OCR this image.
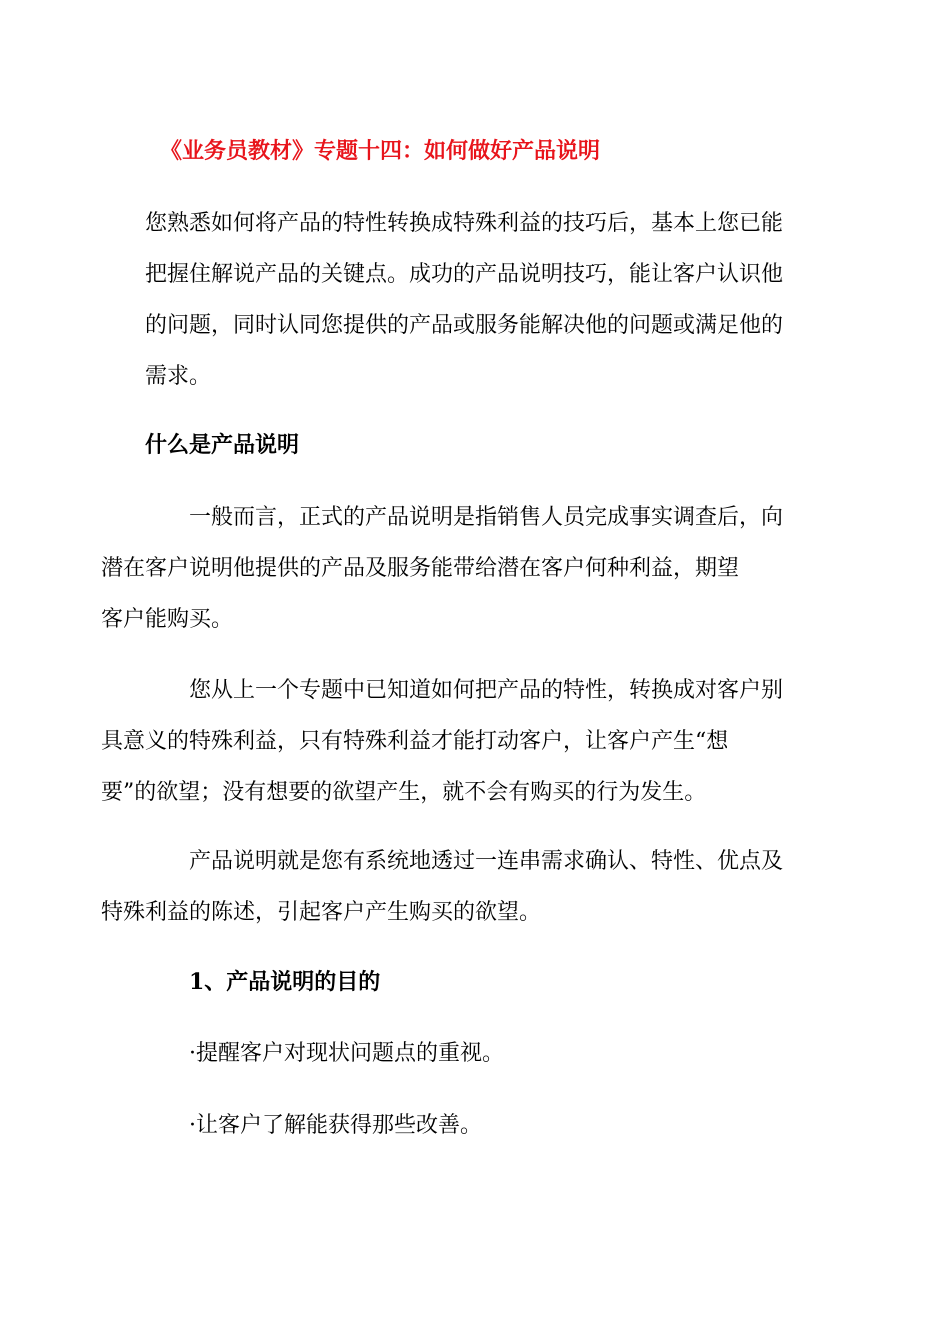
《业务员教材》专题十四：如何做好产品说明
您熟悉如何将产品的特性转换成特殊利益的技巧后，基本上您已能
把握住解说产品的关键点。成功的产品说明技巧，能让客户认识他
的问题，同时认同您提供的产品或服务能解决他的问题或满足他的
需求。
什么是产品说明
一般而言，正式的产品说明是指销售人员完成事实调查后，向
潜在客户说明他提供的产品及服务能带给潜在客户何种利益，期望
客户能购买。
您从上一个专题中已知道如何把产品的特性，转换成对客户别
具意义的特殊利益，只有特殊利益才能打动客户，让客户产生“想
要”的欲望；没有想要的欲望产生，就不会有购买的行为发生。
产品说明就是您有系统地透过一连串需求确认、特性、优点及
特殊利益的陈述，引起客户产生购买的欲望。
1、产品说明的目的
·提醒客户对现状问题点的重视。
·让客户了解能获得那些改善。
